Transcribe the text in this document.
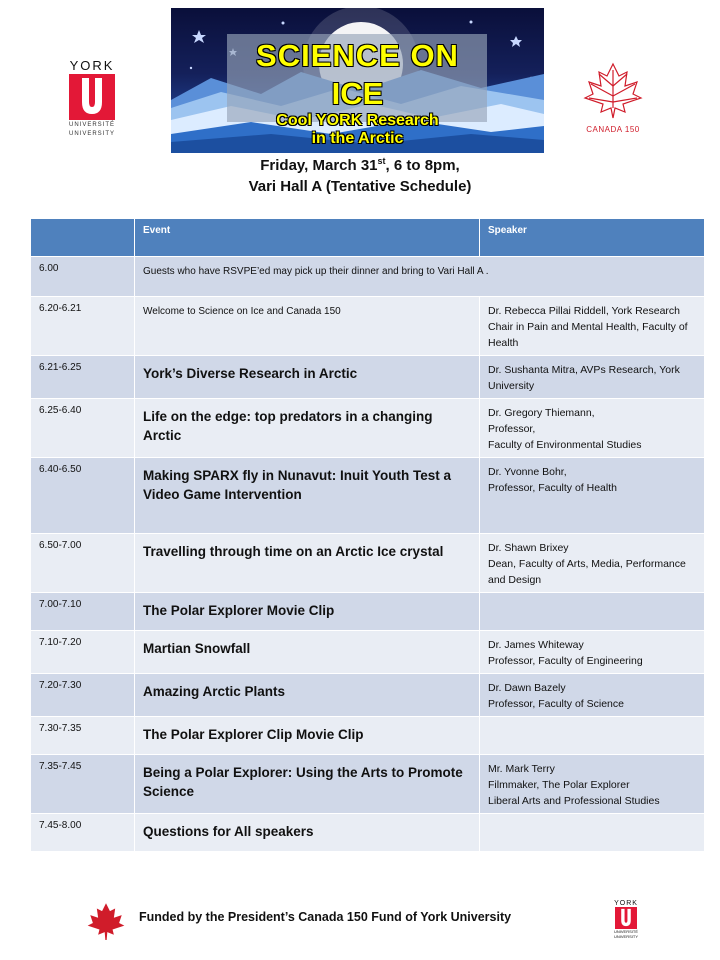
SCIENCE ON
ICE
Cool YORK Research
in the Arctic
YORK
UNIVERSITÉ
UNIVERSITY	CANADA 150
Friday, March 31st, 6 to 8pm,
Vari Hall A (Tentative Schedule)
	Event	Speaker
6.00	Guests who have RSVPE’ed may pick up their dinner and bring to Vari Hall A .	
6.20-6.21	Welcome to Science on Ice and Canada 150	Dr. Rebecca Pillai Riddell, York Research Chair in Pain and Mental Health, Faculty of Health
6.21-6.25	York’s Diverse Research in Arctic	Dr. Sushanta Mitra, AVPs Research, York University
6.25-6.40	Life on the edge: top predators in a changing Arctic	Dr. Gregory Thiemann,
Professor,
Faculty of Environmental Studies
6.40-6.50	Making SPARX fly in Nunavut: Inuit Youth Test a Video Game Intervention	Dr. Yvonne Bohr,
Professor, Faculty of Health
6.50-7.00	Travelling through time on an Arctic Ice crystal	Dr. Shawn Brixey
Dean, Faculty of Arts, Media, Performance and Design
7.00-7.10	The Polar Explorer Movie Clip	
7.10-7.20	Martian Snowfall	Dr. James Whiteway
Professor, Faculty of Engineering
7.20-7.30	Amazing Arctic Plants	Dr. Dawn Bazely
Professor, Faculty of Science
7.30-7.35	The Polar Explorer Clip Movie Clip	
7.35-7.45	Being a Polar Explorer: Using the Arts to Promote Science	Mr. Mark Terry
Filmmaker, The Polar Explorer
Liberal Arts and Professional Studies
7.45-8.00	Questions for All speakers	
Funded by the President’s Canada 150 Fund of York University
YORK
UNIVERSITÉ
UNIVERSITY
